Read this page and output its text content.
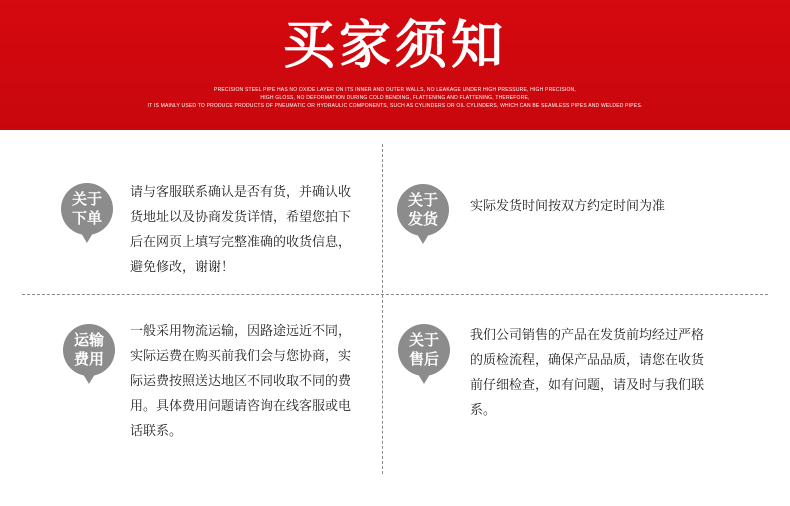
买家须知
PRECISION STEEL PIPE HAS NO OXIDE LAYER ON ITS INNER AND OUTER WALLS, NO LEAKAGE UNDER HIGH PRESSURE, HIGH PRECISION,
HIGH GLOSS, NO DEFORMATION DURING COLD BENDING, FLATTENING AND FLATTENING, THEREFORE,
IT IS MAINLY USED TO PRODUCE PRODUCTS OF PNEUMATIC OR HYDRAULIC COMPONENTS, SUCH AS CYLINDERS OR OIL CYLINDERS, WHICH CAN BE SEAMLESS PIPES AND WELDED PIPES.
关于
下单
请与客服联系确认是否有货，并确认收
货地址以及协商发货详情，希望您拍下
后在网页上填写完整准确的收货信息，
避免修改，谢谢！
关于
发货
实际发货时间按双方约定时间为准
运输
费用
一般采用物流运输，因路途远近不同，
实际运费在购买前我们会与您协商，实
际运费按照送达地区不同收取不同的费
用。具体费用问题请咨询在线客服或电
话联系。
关于
售后
我们公司销售的产品在发货前均经过严格
的质检流程，确保产品品质，请您在收货
前仔细检查，如有问题，请及时与我们联
系。
